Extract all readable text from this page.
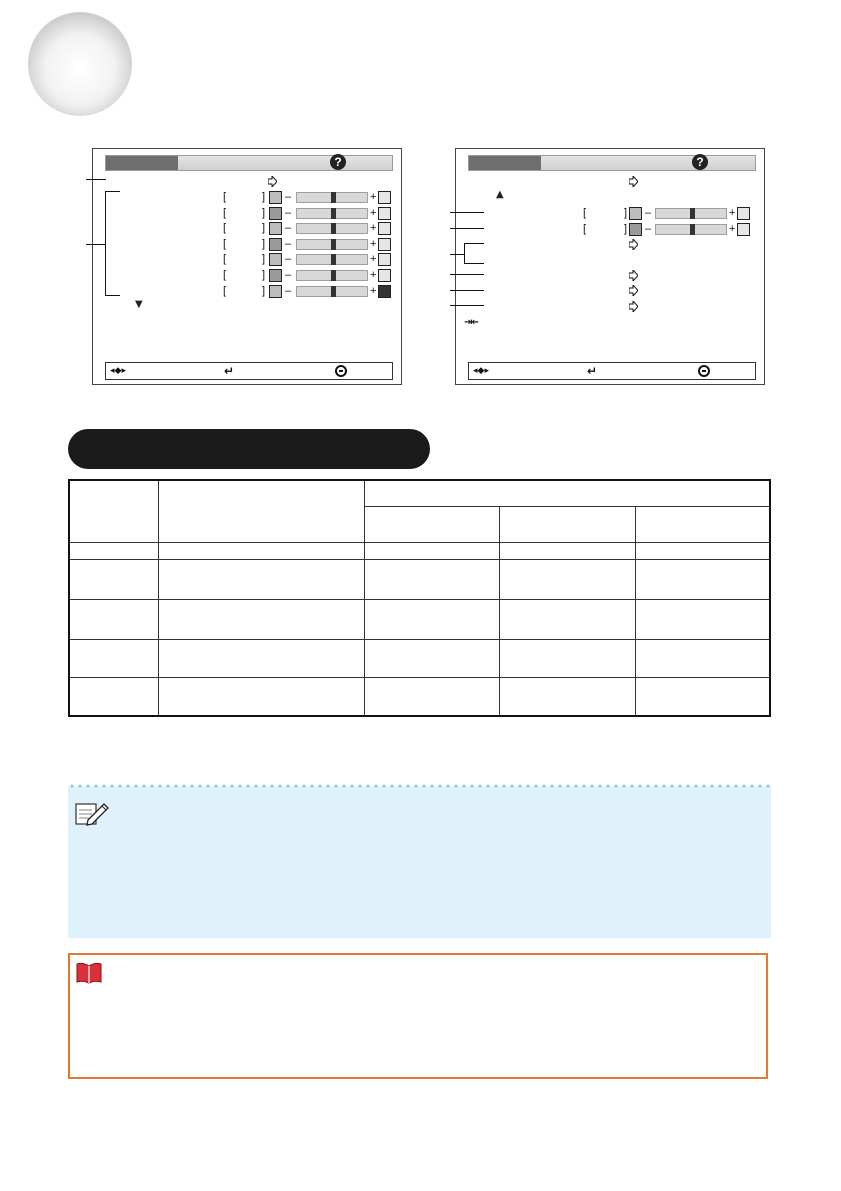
?
[	] –	+
[	] –	+
[	] –	+
[	] –	+
[	] –	+
[	] –	+
[	] –	+
▼
◂◆▸	↵
?
▲
[	] –	+
[	] –	+
⇥⇤
◂◆▸	↵
